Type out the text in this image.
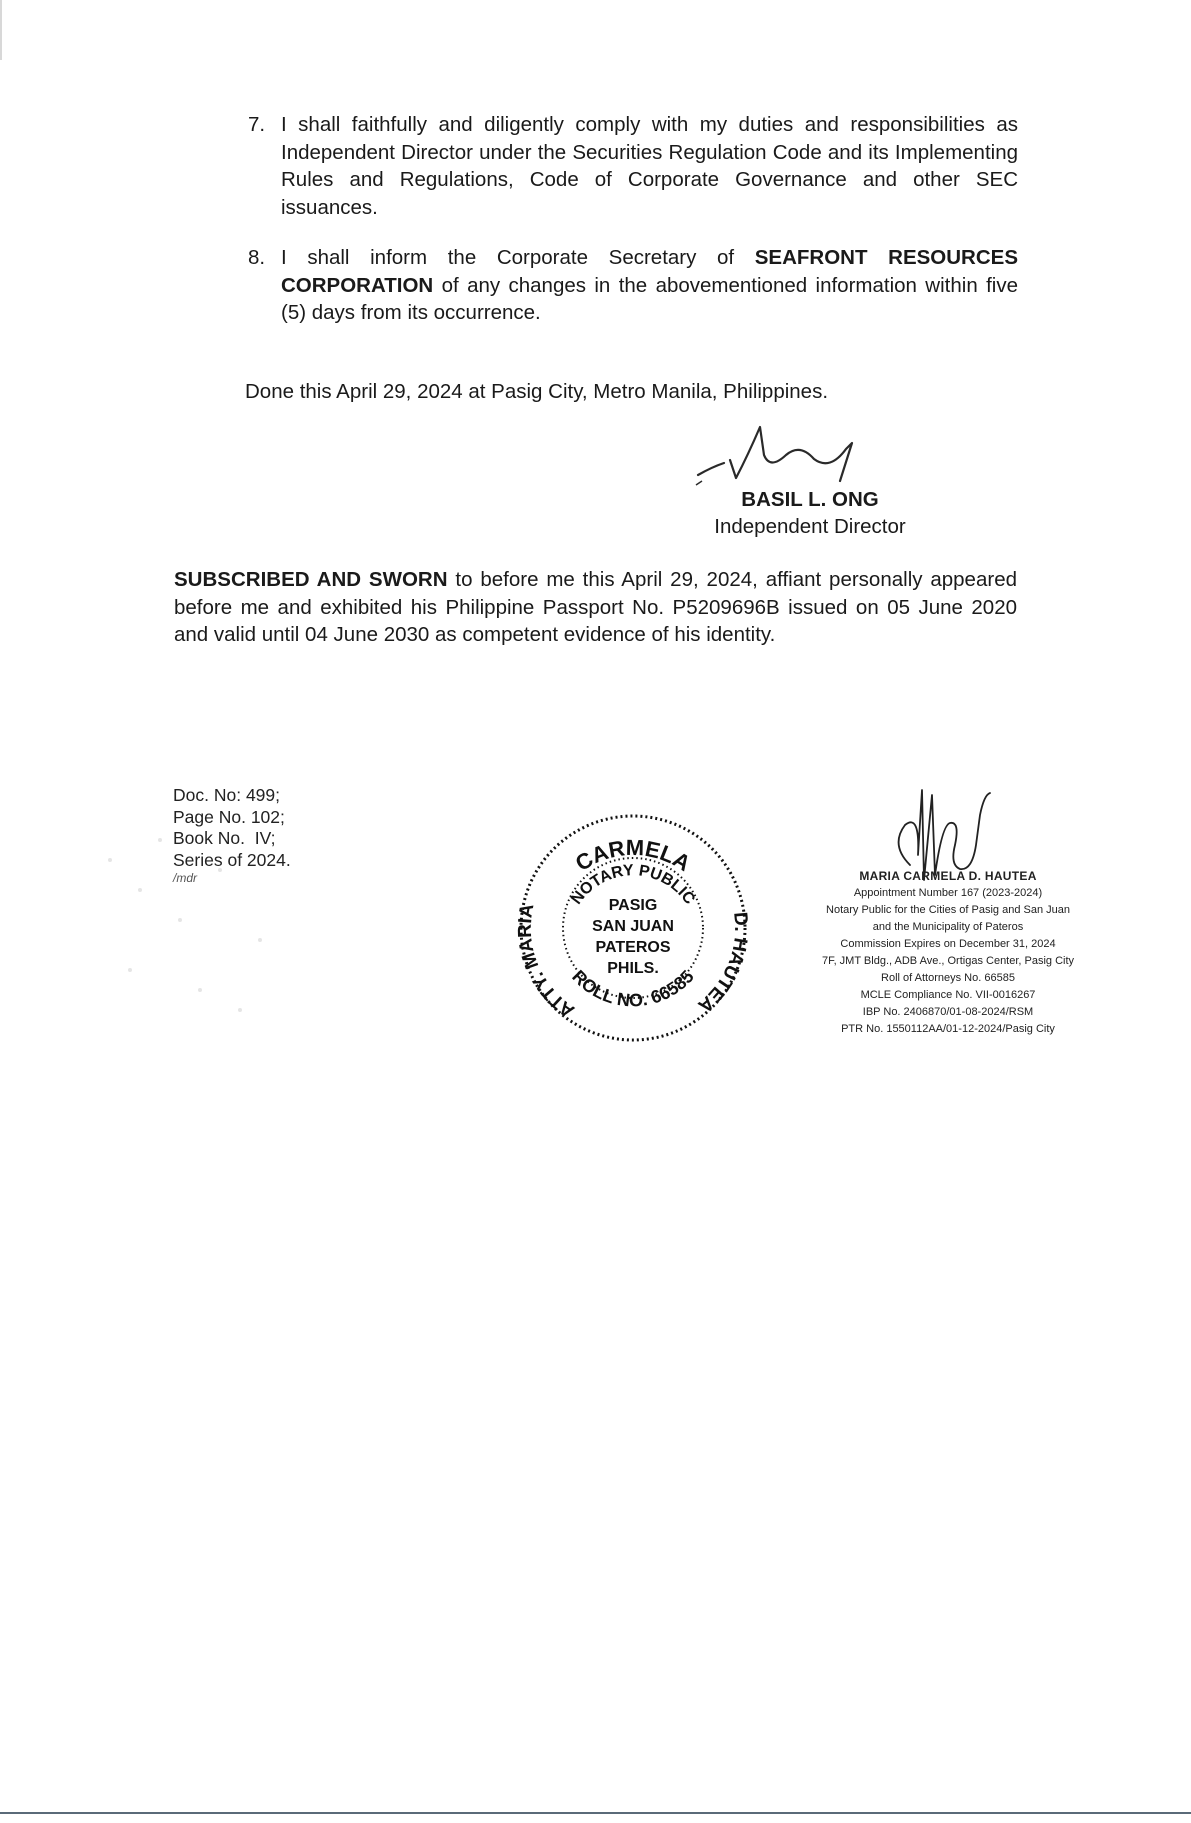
7. I shall faithfully and diligently comply with my duties and responsibilities as Independent Director under the Securities Regulation Code and its Implementing Rules and Regulations, Code of Corporate Governance and other SEC issuances.
8. I shall inform the Corporate Secretary of SEAFRONT RESOURCES CORPORATION of any changes in the abovementioned information within five (5) days from its occurrence.
Done this April 29, 2024 at Pasig City, Metro Manila, Philippines.
BASIL L. ONG
Independent Director
SUBSCRIBED AND SWORN to before me this April 29, 2024, affiant personally appeared before me and exhibited his Philippine Passport No. P5209696B issued on 05 June 2020 and valid until 04 June 2030 as competent evidence of his identity.
Doc. No: 499;
Page No. 102;
Book No.  IV;
Series of 2024.
/mdr
CARMELA
NOTARY PUBLIC
ATTY. MARIA	D. HAUTEA
ROLL NO. 66585
PASIG
SAN JUAN
PATEROS
PHILS.
MARIA CARMELA D. HAUTEA
Appointment Number 167 (2023-2024)
Notary Public for the Cities of Pasig and San Juan
and the Municipality of Pateros
Commission Expires on December 31, 2024
7F, JMT Bldg., ADB Ave., Ortigas Center, Pasig City
Roll of Attorneys No. 66585
MCLE Compliance No. VII-0016267
IBP No. 2406870/01-08-2024/RSM
PTR No. 1550112AA/01-12-2024/Pasig City
